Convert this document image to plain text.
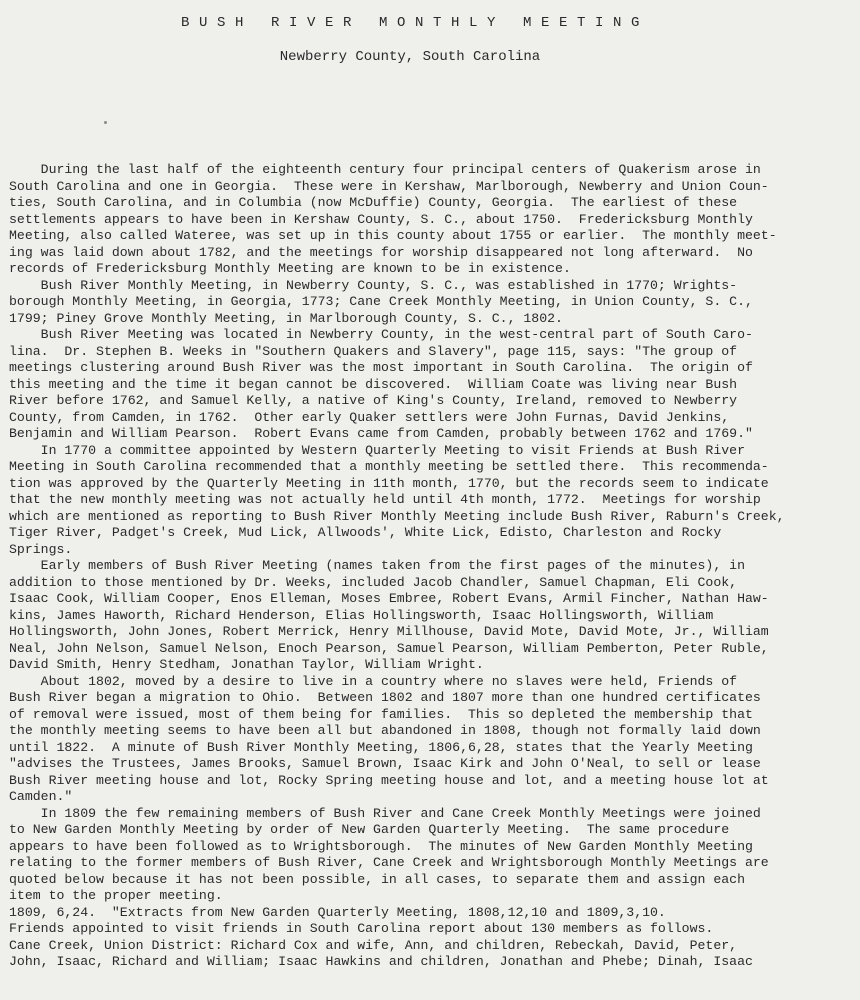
BUSH RIVER MONTHLY MEETING
Newberry County, South Carolina
During the last half of the eighteenth century four principal centers of Quakerism arose in
South Carolina and one in Georgia.  These were in Kershaw, Marlborough, Newberry and Union Coun-
ties, South Carolina, and in Columbia (now McDuffie) County, Georgia.  The earliest of these
settlements appears to have been in Kershaw County, S. C., about 1750.  Fredericksburg Monthly
Meeting, also called Wateree, was set up in this county about 1755 or earlier.  The monthly meet-
ing was laid down about 1782, and the meetings for worship disappeared not long afterward.  No
records of Fredericksburg Monthly Meeting are known to be in existence.
Bush River Monthly Meeting, in Newberry County, S. C., was established in 1770; Wrights-
borough Monthly Meeting, in Georgia, 1773; Cane Creek Monthly Meeting, in Union County, S. C.,
1799; Piney Grove Monthly Meeting, in Marlborough County, S. C., 1802.
Bush River Meeting was located in Newberry County, in the west-central part of South Caro-
lina.  Dr. Stephen B. Weeks in "Southern Quakers and Slavery", page 115, says: "The group of
meetings clustering around Bush River was the most important in South Carolina.  The origin of
this meeting and the time it began cannot be discovered.  William Coate was living near Bush
River before 1762, and Samuel Kelly, a native of King's County, Ireland, removed to Newberry
County, from Camden, in 1762.  Other early Quaker settlers were John Furnas, David Jenkins,
Benjamin and William Pearson.  Robert Evans came from Camden, probably between 1762 and 1769."
In 1770 a committee appointed by Western Quarterly Meeting to visit Friends at Bush River
Meeting in South Carolina recommended that a monthly meeting be settled there.  This recommenda-
tion was approved by the Quarterly Meeting in 11th month, 1770, but the records seem to indicate
that the new monthly meeting was not actually held until 4th month, 1772.  Meetings for worship
which are mentioned as reporting to Bush River Monthly Meeting include Bush River, Raburn's Creek,
Tiger River, Padget's Creek, Mud Lick, Allwoods', White Lick, Edisto, Charleston and Rocky
Springs.
Early members of Bush River Meeting (names taken from the first pages of the minutes), in
addition to those mentioned by Dr. Weeks, included Jacob Chandler, Samuel Chapman, Eli Cook,
Isaac Cook, William Cooper, Enos Elleman, Moses Embree, Robert Evans, Armil Fincher, Nathan Haw-
kins, James Haworth, Richard Henderson, Elias Hollingsworth, Isaac Hollingsworth, William
Hollingsworth, John Jones, Robert Merrick, Henry Millhouse, David Mote, David Mote, Jr., William
Neal, John Nelson, Samuel Nelson, Enoch Pearson, Samuel Pearson, William Pemberton, Peter Ruble,
David Smith, Henry Stedham, Jonathan Taylor, William Wright.
About 1802, moved by a desire to live in a country where no slaves were held, Friends of
Bush River began a migration to Ohio.  Between 1802 and 1807 more than one hundred certificates
of removal were issued, most of them being for families.  This so depleted the membership that
the monthly meeting seems to have been all but abandoned in 1808, though not formally laid down
until 1822.  A minute of Bush River Monthly Meeting, 1806,6,28, states that the Yearly Meeting
"advises the Trustees, James Brooks, Samuel Brown, Isaac Kirk and John O'Neal, to sell or lease
Bush River meeting house and lot, Rocky Spring meeting house and lot, and a meeting house lot at
Camden."
In 1809 the few remaining members of Bush River and Cane Creek Monthly Meetings were joined
to New Garden Monthly Meeting by order of New Garden Quarterly Meeting.  The same procedure
appears to have been followed as to Wrightsborough.  The minutes of New Garden Monthly Meeting
relating to the former members of Bush River, Cane Creek and Wrightsborough Monthly Meetings are
quoted below because it has not been possible, in all cases, to separate them and assign each
item to the proper meeting.
1809, 6,24.  "Extracts from New Garden Quarterly Meeting, 1808,12,10 and 1809,3,10.
Friends appointed to visit friends in South Carolina report about 130 members as follows.
Cane Creek, Union District: Richard Cox and wife, Ann, and children, Rebeckah, David, Peter,
John, Isaac, Richard and William; Isaac Hawkins and children, Jonathan and Phebe; Dinah, Isaac
